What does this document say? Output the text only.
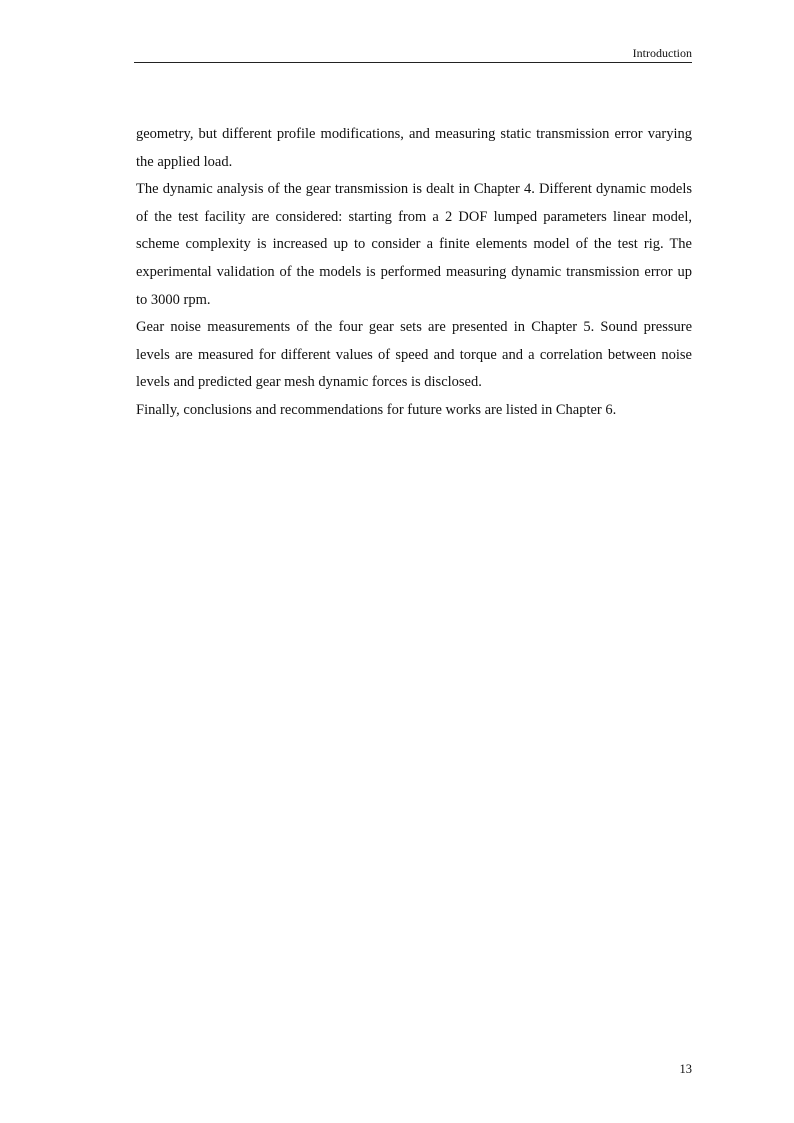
Introduction

geometry, but different profile modifications, and measuring static transmission error varying the applied load.

The dynamic analysis of the gear transmission is dealt in Chapter 4. Different dynamic models of the test facility are considered: starting from a 2 DOF lumped parameters linear model, scheme complexity is increased up to consider a finite elements model of the test rig. The experimental validation of the models is performed measuring dynamic transmission error up to 3000 rpm.

Gear noise measurements of the four gear sets are presented in Chapter 5. Sound pressure levels are measured for different values of speed and torque and a correlation between noise levels and predicted gear mesh dynamic forces is disclosed.

Finally, conclusions and recommendations for future works are listed in Chapter 6.

13
